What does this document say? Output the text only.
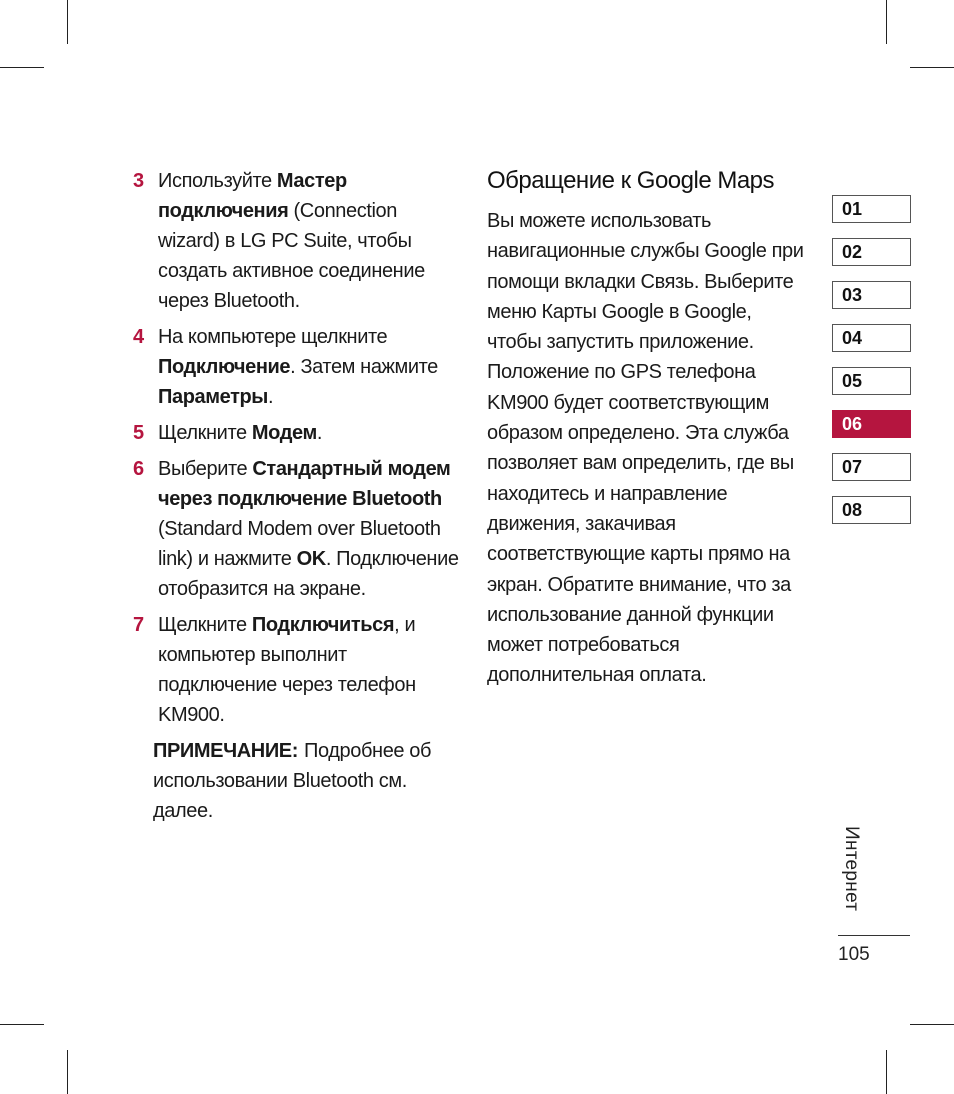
3 Используйте Мастер подключения (Connection wizard) в LG PC Suite, чтобы создать активное соединение через Bluetooth.
4 На компьютере щелкните Подключение. Затем нажмите Параметры.
5 Щелкните Модем.
6 Выберите Стандартный модем через подключение Bluetooth (Standard Modem over Bluetooth link) и нажмите OK. Подключение отобразится на экране.
7 Щелкните Подключиться, и компьютер выполнит подключение через телефон KM900.
ПРИМЕЧАНИЕ: Подробнее об использовании Bluetooth см. далее.
Обращение к Google Maps

Вы можете использовать навигационные службы Google при помощи вкладки Связь. Выберите меню Карты Google в Google, чтобы запустить приложение. Положение по GPS телефона KM900 будет соответствующим образом определено. Эта служба позволяет вам определить, где вы находитесь и направление движения, закачивая соответствующие карты прямо на экран. Обратите внимание, что за использование данной функции может потребоваться дополнительная оплата.

01
02
03
04
05
06
07
08
Интернет
105
